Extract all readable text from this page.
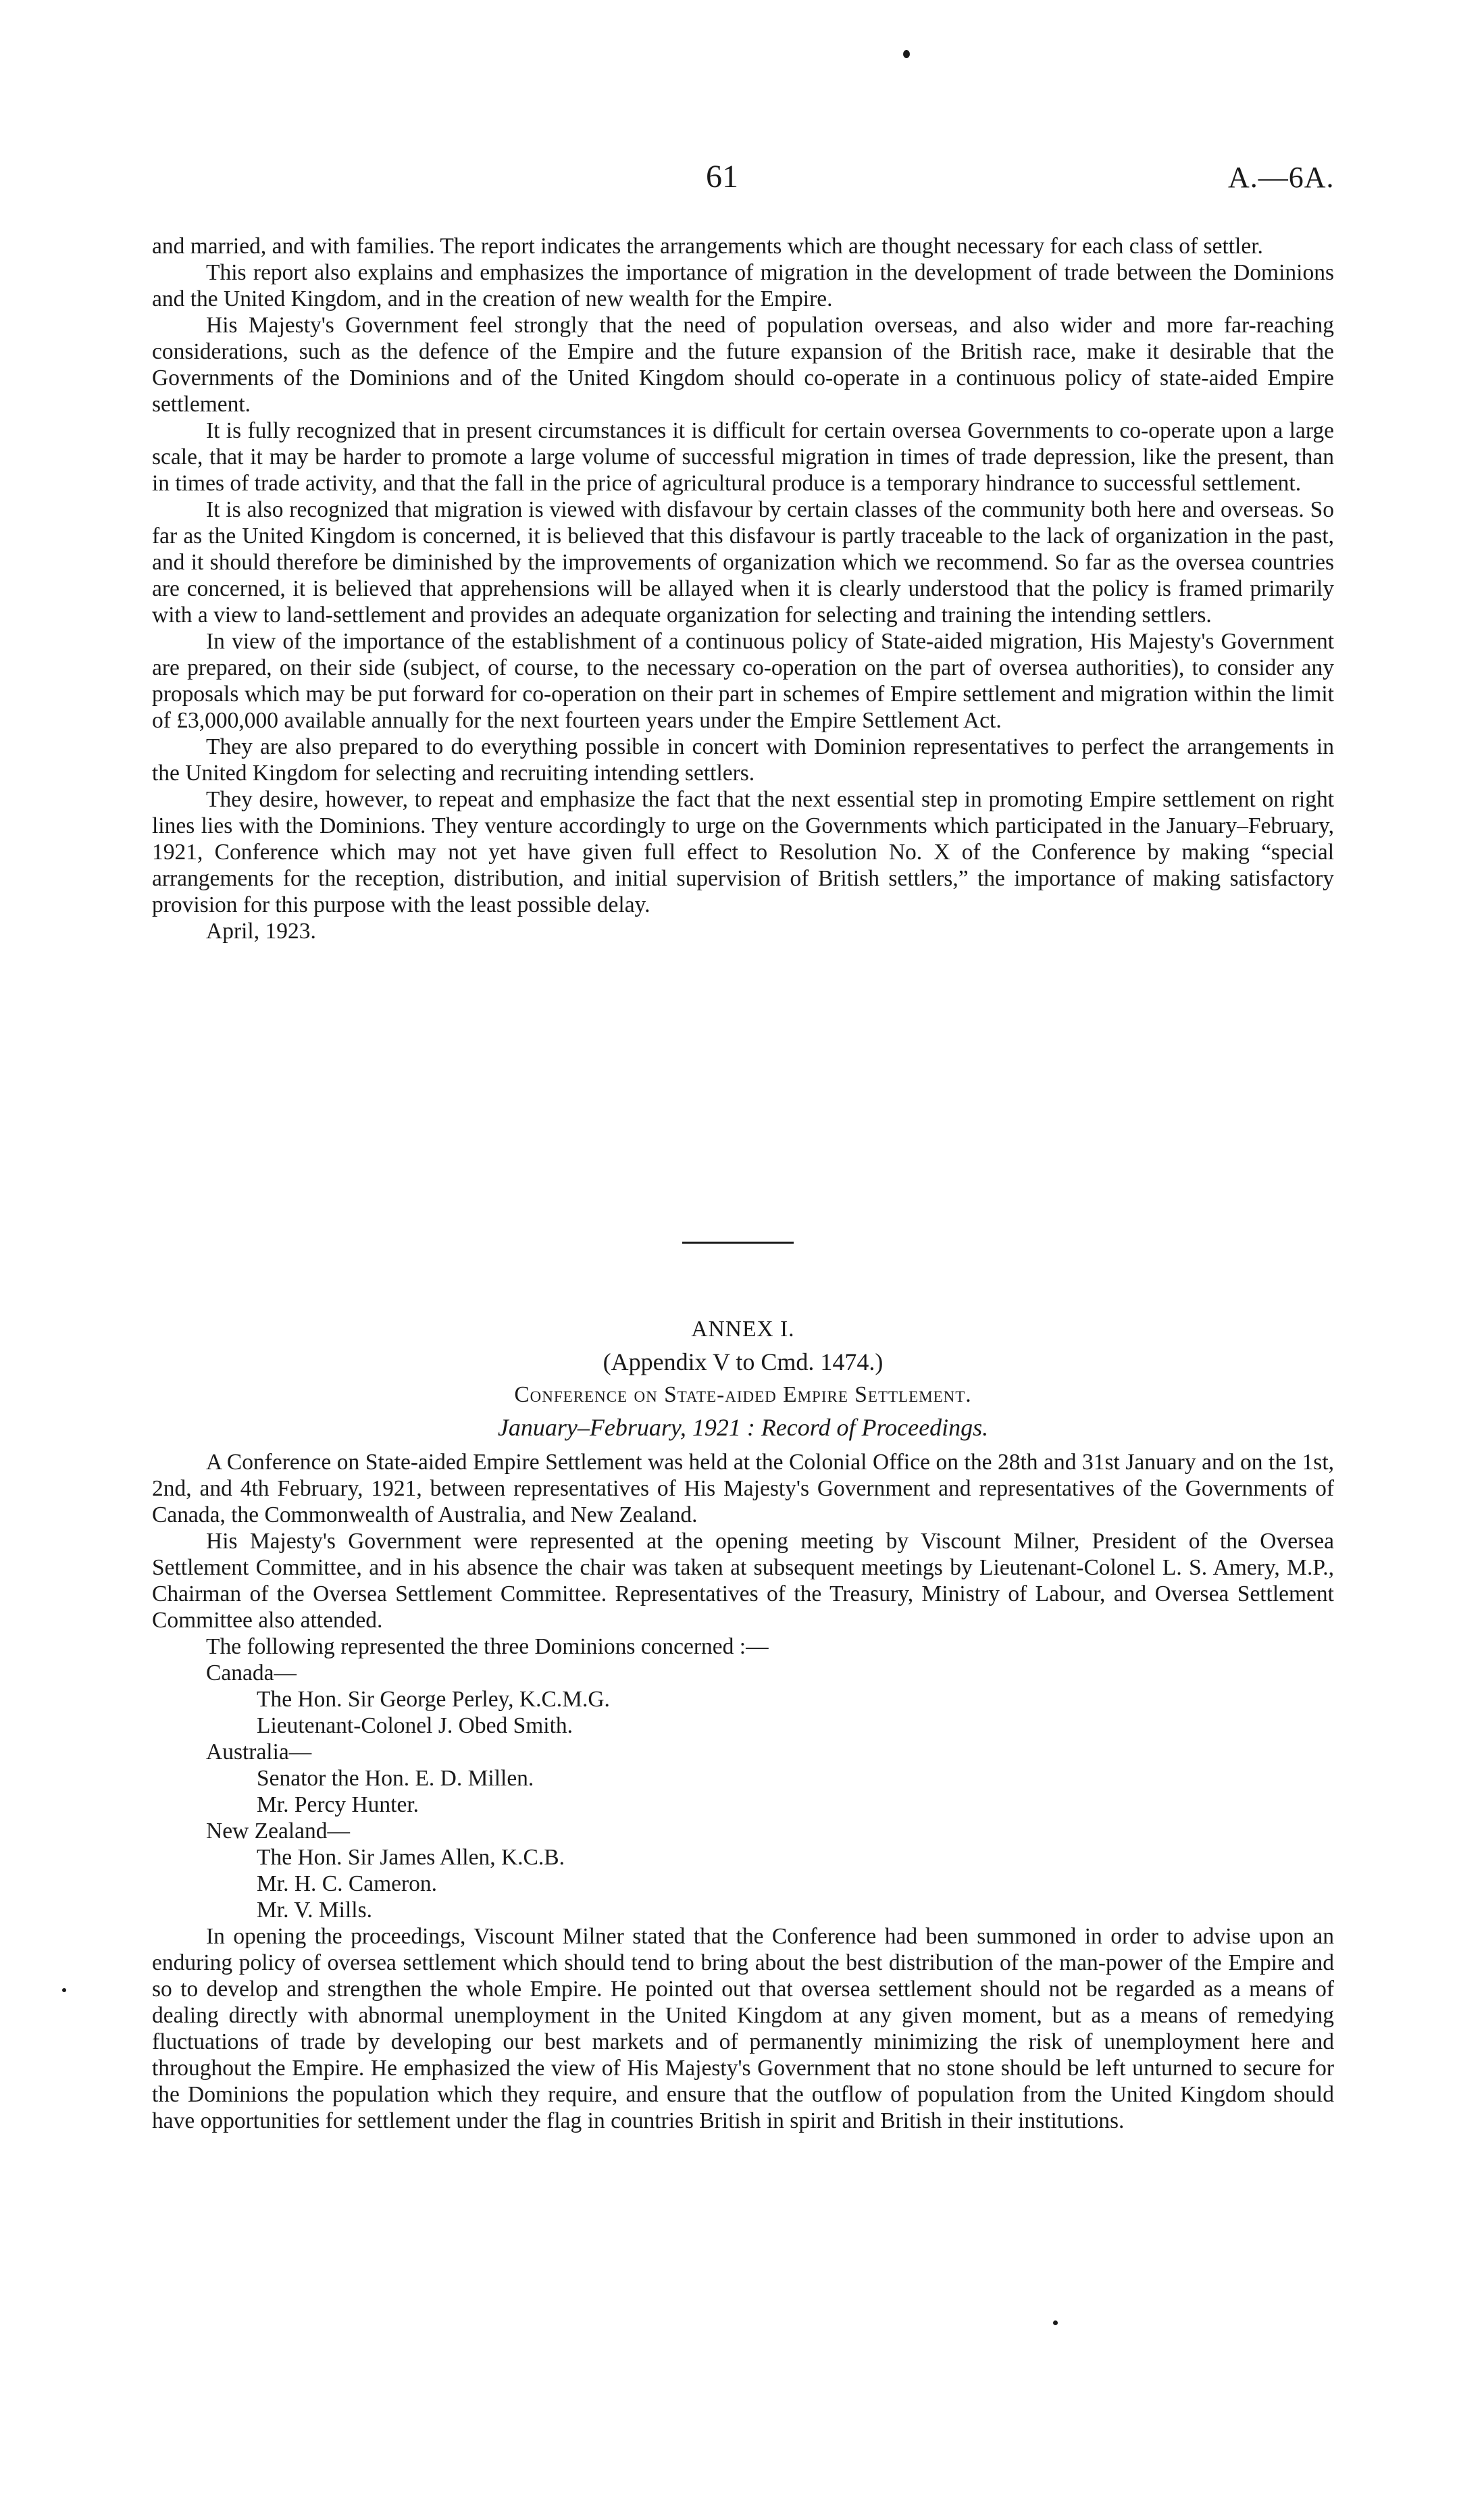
61	A.—6A.

and married, and with families. The report indicates the arrangements which are thought necessary for each class of settler.

This report also explains and emphasizes the importance of migration in the development of trade between the Dominions and the United Kingdom, and in the creation of new wealth for the Empire.

His Majesty's Government feel strongly that the need of population overseas, and also wider and more far-reaching considerations, such as the defence of the Empire and the future expansion of the British race, make it desirable that the Governments of the Dominions and of the United Kingdom should co-operate in a continuous policy of state-aided Empire settlement.

It is fully recognized that in present circumstances it is difficult for certain oversea Governments to co-operate upon a large scale, that it may be harder to promote a large volume of successful migration in times of trade depression, like the present, than in times of trade activity, and that the fall in the price of agricultural produce is a temporary hindrance to successful settlement.

It is also recognized that migration is viewed with disfavour by certain classes of the community both here and overseas. So far as the United Kingdom is concerned, it is believed that this disfavour is partly traceable to the lack of organization in the past, and it should therefore be diminished by the improvements of organization which we recommend. So far as the oversea countries are concerned, it is believed that apprehensions will be allayed when it is clearly understood that the policy is framed primarily with a view to land-settlement and provides an adequate organization for selecting and training the intending settlers.

In view of the importance of the establishment of a continuous policy of State-aided migration, His Majesty's Government are prepared, on their side (subject, of course, to the necessary co-operation on the part of oversea authorities), to consider any proposals which may be put forward for co-operation on their part in schemes of Empire settlement and migration within the limit of £3,000,000 available annually for the next fourteen years under the Empire Settlement Act.

They are also prepared to do everything possible in concert with Dominion representatives to perfect the arrangements in the United Kingdom for selecting and recruiting intending settlers.

They desire, however, to repeat and emphasize the fact that the next essential step in promoting Empire settlement on right lines lies with the Dominions. They venture accordingly to urge on the Governments which participated in the January–February, 1921, Conference which may not yet have given full effect to Resolution No. X of the Conference by making “special arrangements for the reception, distribution, and initial supervision of British settlers,” the importance of making satisfactory provision for this purpose with the least possible delay.

April, 1923.

ANNEX I.
(Appendix V to Cmd. 1474.)
Conference on State-aided Empire Settlement.
January–February, 1921 : Record of Proceedings.

A Conference on State-aided Empire Settlement was held at the Colonial Office on the 28th and 31st January and on the 1st, 2nd, and 4th February, 1921, between representatives of His Majesty's Government and representatives of the Governments of Canada, the Commonwealth of Australia, and New Zealand.

His Majesty's Government were represented at the opening meeting by Viscount Milner, President of the Oversea Settlement Committee, and in his absence the chair was taken at subsequent meetings by Lieutenant-Colonel L. S. Amery, M.P., Chairman of the Oversea Settlement Committee. Representatives of the Treasury, Ministry of Labour, and Oversea Settlement Committee also attended.

The following represented the three Dominions concerned :—

Canada—
The Hon. Sir George Perley, K.C.M.G.
Lieutenant-Colonel J. Obed Smith.
Australia—
Senator the Hon. E. D. Millen.
Mr. Percy Hunter.
New Zealand—
The Hon. Sir James Allen, K.C.B.
Mr. H. C. Cameron.
Mr. V. Mills.

In opening the proceedings, Viscount Milner stated that the Conference had been summoned in order to advise upon an enduring policy of oversea settlement which should tend to bring about the best distribution of the man-power of the Empire and so to develop and strengthen the whole Empire. He pointed out that oversea settlement should not be regarded as a means of dealing directly with abnormal unemployment in the United Kingdom at any given moment, but as a means of remedying fluctuations of trade by developing our best markets and of permanently minimizing the risk of unemployment here and throughout the Empire. He emphasized the view of His Majesty's Government that no stone should be left unturned to secure for the Dominions the population which they require, and ensure that the outflow of population from the United Kingdom should have opportunities for settlement under the flag in countries British in spirit and British in their institutions.
